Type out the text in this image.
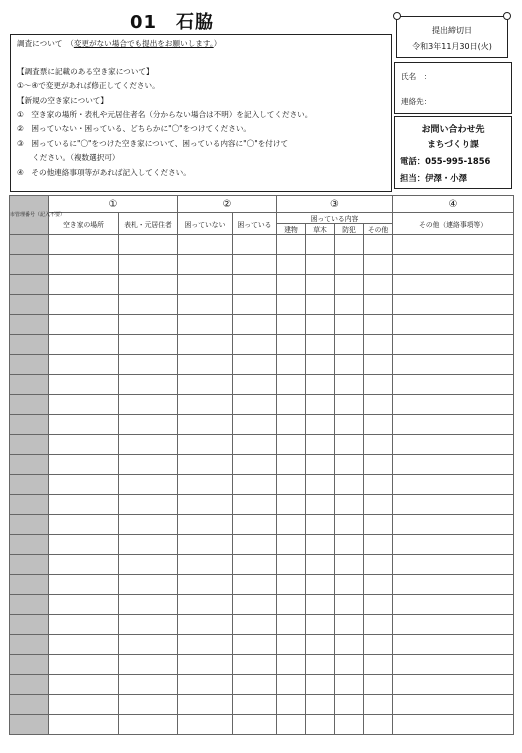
01　石脇
調査について　（変更がない場合でも提出をお願いします。）
【調査票に記載のある空き家について】
①～④で変更があれば修正してください。
【新規の空き家について】
①　空き家の場所・表札や元居住者名（分からない場合は不明）を記入してください。
②　困っていない・困っている、どちらかに"〇"をつけてください。
③　困っているに"〇"をつけた空き家について、困っている内容に"〇"を付けて
　　ください。（複数選択可）
④　その他連絡事項等があれば記入してください。
提出締切日
令和3年11月30日(火)
氏名　：
連絡先：
お問い合わせ先
まちづくり課
電話：055-995-1856
担当：伊澤・小澤
市管理番号（記入不要）	①		②		③				④
	空き家の場所	表札・元居住者	困っていない	困っている	困っている内容				その他（連絡事項等）
					建物	草木	防犯	その他	
